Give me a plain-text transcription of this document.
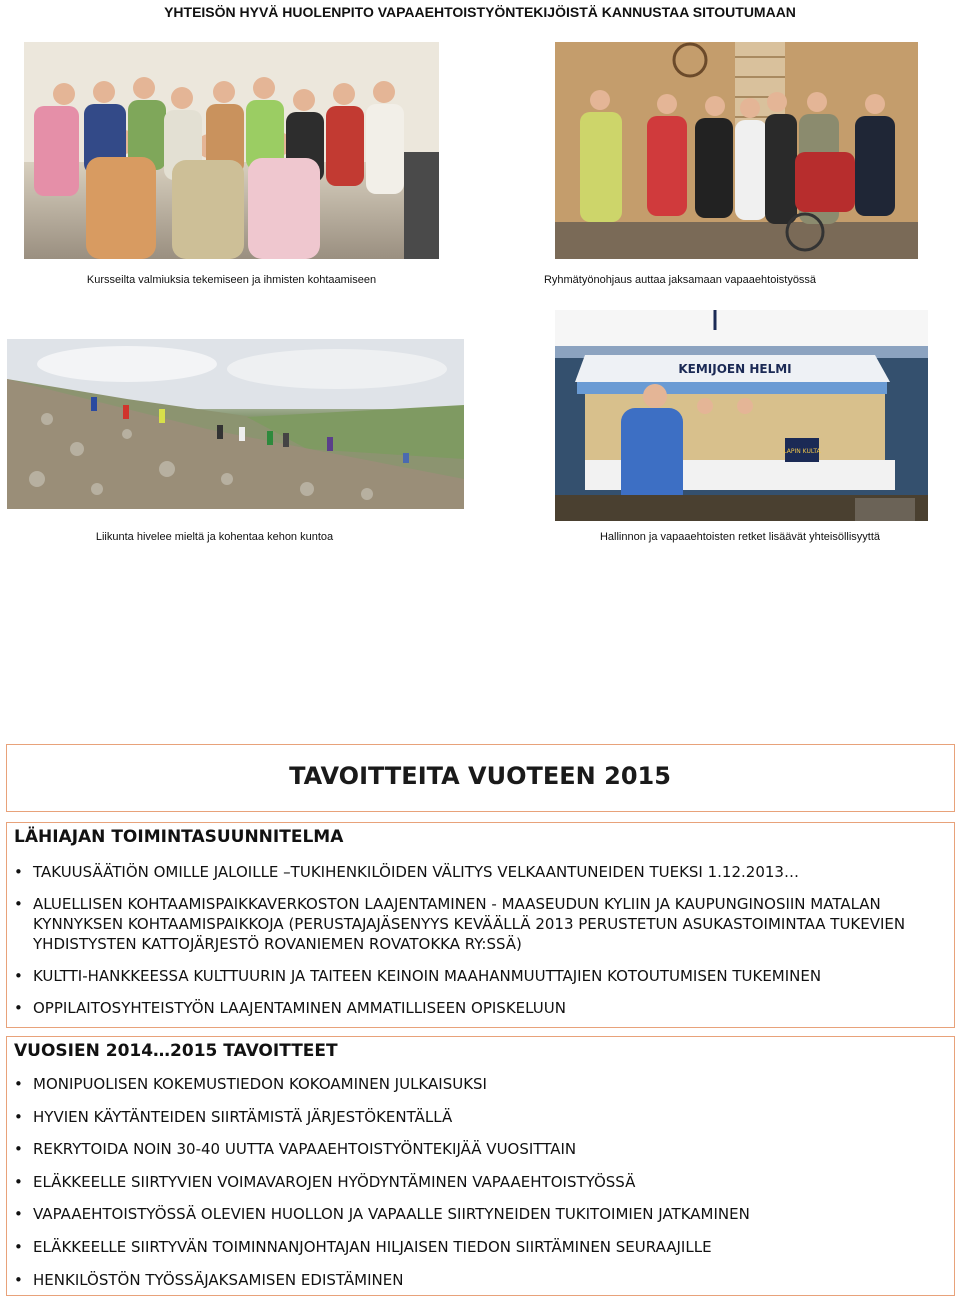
YHTEISÖN HYVÄ HUOLENPITO VAPAAEHTOISTYÖNTEKIJÖISTÄ KANNUSTAA SITOUTUMAAN
Kursseilta valmiuksia tekemiseen ja ihmisten kohtaamiseen	Ryhmätyönohjaus auttaa jaksamaan vapaaehtoistyössä
Liikunta hivelee mieltä ja kohentaa kehon kuntoa
LAPIN KULTA
KEMIJOEN HELMI
Hallinnon ja vapaaehtoisten retket lisäävät yhteisöllisyyttä
TAVOITTEITA VUOTEEN 2015
LÄHIAJAN TOIMINTASUUNNITELMA
• TAKUUSÄÄTIÖN OMILLE JALOILLE –TUKIHENKILÖIDEN VÄLITYS VELKAANTUNEIDEN TUEKSI 1.12.2013…
• ALUELLISEN KOHTAAMISPAIKKAVERKOSTON LAAJENTAMINEN - MAASEUDUN KYLIIN JA KAUPUNGINOSIIN MATALAN KYNNYKSEN KOHTAAMISPAIKKOJA (PERUSTAJAJÄSENYYS KEVÄÄLLÄ 2013 PERUSTETUN ASUKASTOIMINTAA TUKEVIEN YHDISTYSTEN KATTOJÄRJESTÖ ROVANIEMEN ROVATOKKA RY:SSÄ)
• KULTTI-HANKKEESSA KULTTUURIN JA TAITEEN KEINOIN MAAHANMUUTTAJIEN KOTOUTUMISEN TUKEMINEN
• OPPILAITOSYHTEISTYÖN LAAJENTAMINEN AMMATILLISEEN OPISKELUUN
VUOSIEN 2014…2015 TAVOITTEET
• MONIPUOLISEN KOKEMUSTIEDON KOKOAMINEN JULKAISUKSI
• HYVIEN KÄYTÄNTEIDEN SIIRTÄMISTÄ JÄRJESTÖKENTÄLLÄ
• REKRYTOIDA NOIN 30-40 UUTTA VAPAAEHTOISTYÖNTEKIJÄÄ VUOSITTAIN
• ELÄKKEELLE SIIRTYVIEN VOIMAVAROJEN HYÖDYNTÄMINEN VAPAAEHTOISTYÖSSÄ
• VAPAAEHTOISTYÖSSÄ OLEVIEN HUOLLON JA VAPAALLE SIIRTYNEIDEN TUKITOIMIEN JATKAMINEN
• ELÄKKEELLE SIIRTYVÄN TOIMINNANJOHTAJAN HILJAISEN TIEDON SIIRTÄMINEN SEURAAJILLE
• HENKILÖSTÖN TYÖSSÄJAKSAMISEN EDISTÄMINEN
